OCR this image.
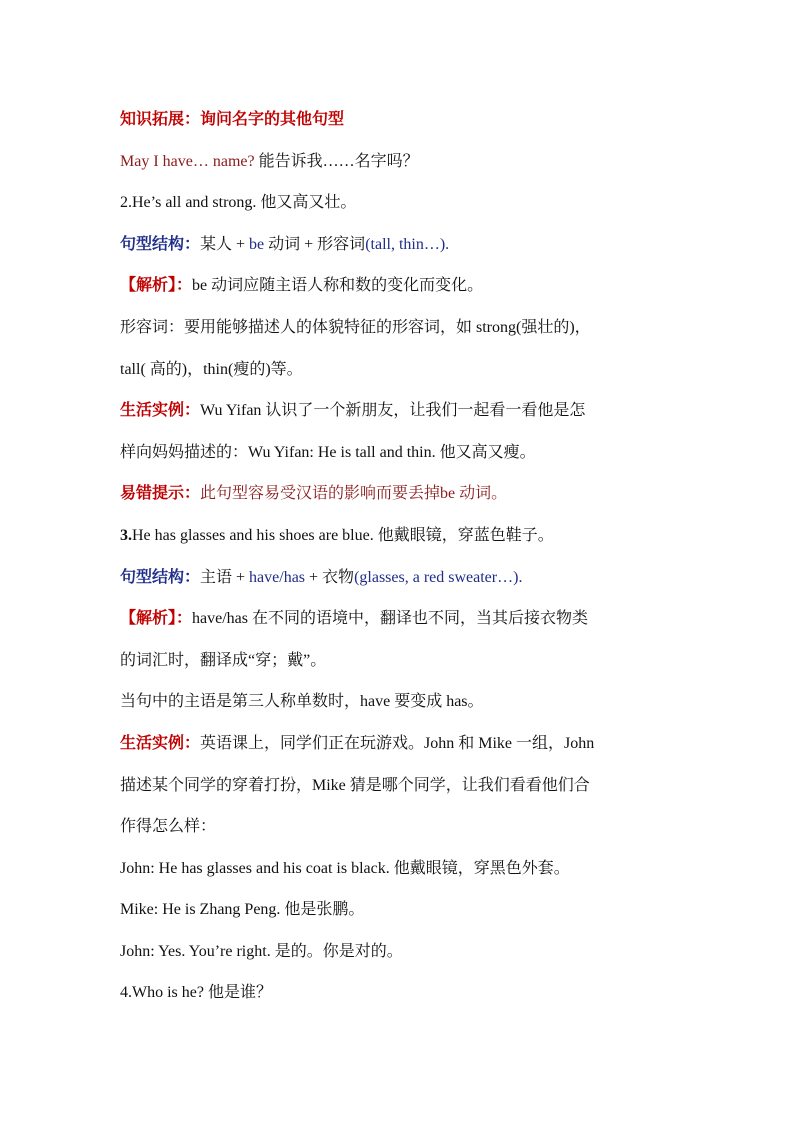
知识拓展：询问名字的其他句型
May I have… name? 能告诉我……名字吗？
2.He’s all and strong. 他又高又壮。
句型结构：某人 + be 动词 + 形容词(tall, thin…).
【解析】：be 动词应随主语人称和数的变化而变化。
形容词：要用能够描述人的体貌特征的形容词，如 strong(强壮的)，
tall( 高的)，thin(瘦的)等。
生活实例：Wu Yifan 认识了一个新朋友，让我们一起看一看他是怎
样向妈妈描述的：Wu Yifan: He is tall and thin. 他又高又瘦。
易错提示：此句型容易受汉语的影响而要丢掉be 动词。
3.He has glasses and his shoes are blue. 他戴眼镜，穿蓝色鞋子。
句型结构：主语 + have/has + 衣物(glasses, a red sweater…).
【解析】：have/has 在不同的语境中，翻译也不同，当其后接衣物类
的词汇时，翻译成“穿；戴”。
当句中的主语是第三人称单数时，have 要变成 has。
生活实例：英语课上，同学们正在玩游戏。John 和 Mike 一组，John
描述某个同学的穿着打扮，Mike 猜是哪个同学，让我们看看他们合
作得怎么样：
John: He has glasses and his coat is black. 他戴眼镜，穿黑色外套。
Mike: He is Zhang Peng. 他是张鹏。
John: Yes. You’re right. 是的。你是对的。
4.Who is he? 他是谁？
